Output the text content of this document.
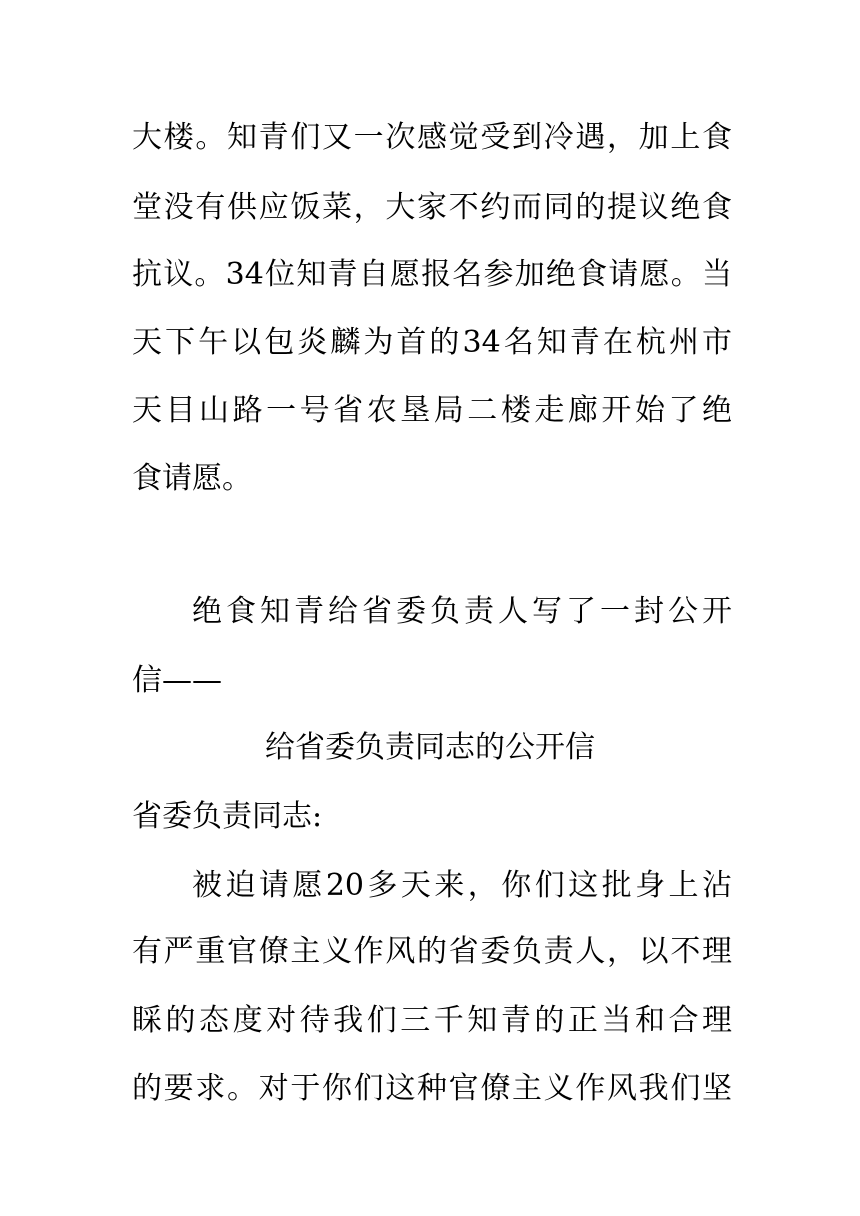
大楼。知青们又一次感觉受到冷遇，加上食
堂没有供应饭菜，大家不约而同的提议绝食
抗议。34位知青自愿报名参加绝食请愿。当
天下午以包炎麟为首的34名知青在杭州市
天目山路一号省农垦局二楼走廊开始了绝
食请愿。
绝食知青给省委负责人写了一封公开
信——
给省委负责同志的公开信
省委负责同志:
被迫请愿20多天来，你们这批身上沾
有严重官僚主义作风的省委负责人，以不理
睬的态度对待我们三千知青的正当和合理
的要求。对于你们这种官僚主义作风我们坚
